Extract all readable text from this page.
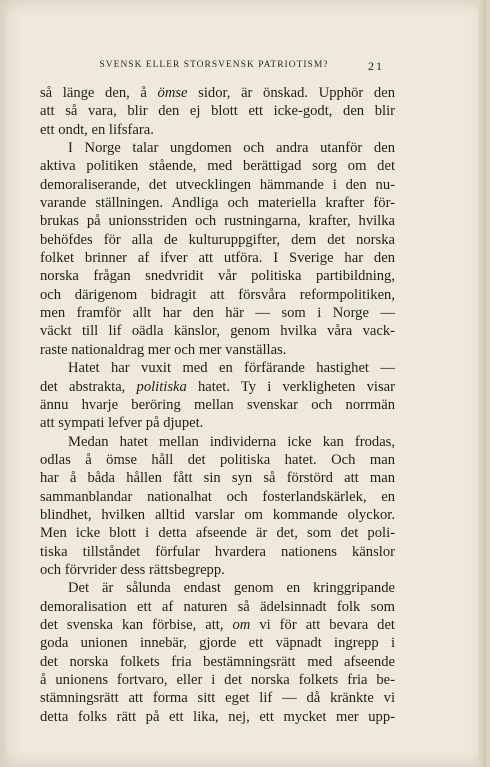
SVENSK ELLER STORSVENSK PATRIOTISM?	21
så länge den, å ömse sidor, är önskad. Upphör den
att så vara, blir den ej blott ett icke-godt, den blir
ett ondt, en lifsfara.
I Norge talar ungdomen och andra utanför den
aktiva politiken stående, med berättigad sorg om det
demoraliserande, det utvecklingen hämmande i den nu-
varande ställningen. Andliga och materiella krafter för-
brukas på unionsstriden och rustningarna, krafter, hvilka
behöfdes för alla de kulturuppgifter, dem det norska
folket brinner af ifver att utföra. I Sverige har den
norska frågan snedvridit vår politiska partibildning,
och därigenom bidragit att försvåra reformpolitiken,
men framför allt har den här — som i Norge —
väckt till lif oädla känslor, genom hvilka våra vack-
raste nationaldrag mer och mer vanställas.
Hatet har vuxit med en förfärande hastighet —
det abstrakta, politiska hatet. Ty i verkligheten visar
ännu hvarje beröring mellan svenskar och norrmän
att sympati lefver på djupet.
Medan hatet mellan individerna icke kan frodas,
odlas å ömse håll det politiska hatet. Och man
har å båda hållen fått sin syn så förstörd att man
sammanblandar nationalhat och fosterlandskärlek, en
blindhet, hvilken alltid varslar om kommande olyckor.
Men icke blott i detta afseende är det, som det poli-
tiska tillståndet förfular hvardera nationens känslor
och förvrider dess rättsbegrepp.
Det är sålunda endast genom en kringgripande
demoralisation ett af naturen så ädelsinnadt folk som
det svenska kan förbise, att, om vi för att bevara det
goda unionen innebär, gjorde ett väpnadt ingrepp i
det norska folkets fria bestämningsrätt med afseende
å unionens fortvaro, eller i det norska folkets fria be-
stämningsrätt att forma sitt eget lif — då kränkte vi
detta folks rätt på ett lika, nej, ett mycket mer upp-
